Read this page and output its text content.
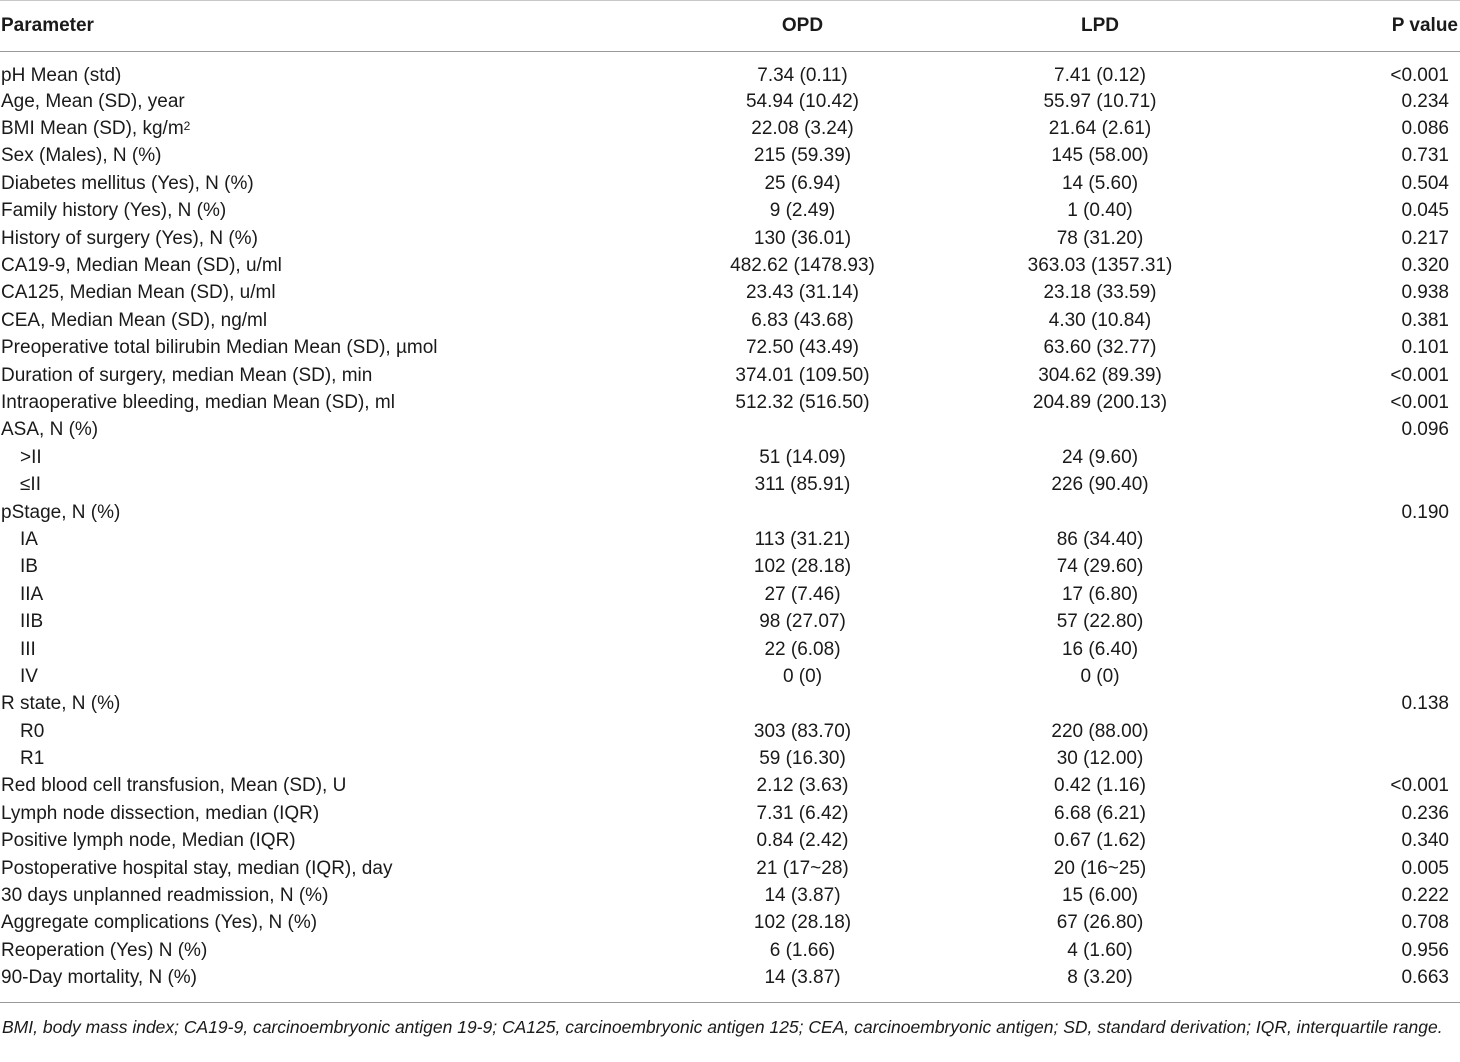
Parameter	OPD	LPD	P value
pH Mean (std)	7.34 (0.11)	7.41 (0.12)	<0.001
Age, Mean (SD), year	54.94 (10.42)	55.97 (10.71)	0.234
BMI Mean (SD), $kg/m^2$	22.08 (3.24)	21.64 (2.61)	0.086
Sex (Males), N (%)	215 (59.39)	145 (58.00)	0.731
Diabetes mellitus (Yes), N (%)	25 (6.94)	14 (5.60)	0.504
Family history (Yes), N (%)	9 (2.49)	1 (0.40)	0.045
History of surgery (Yes), N (%)	130 (36.01)	78 (31.20)	0.217
CA19-9, Median Mean (SD), u/ml	482.62 (1478.93)	363.03 (1357.31)	0.320
CA125, Median Mean (SD), u/ml	23.43 (31.14)	23.18 (33.59)	0.938
CEA, Median Mean (SD), ng/ml	6.83 (43.68)	4.30 (10.84)	0.381
Preoperative total bilirubin Median Mean (SD), µmol	72.50 (43.49)	63.60 (32.77)	0.101
Duration of surgery, median Mean (SD), min	374.01 (109.50)	304.62 (89.39)	<0.001
Intraoperative bleeding, median Mean (SD), ml	512.32 (516.50)	204.89 (200.13)	<0.001
ASA, N (%)			0.096
>II	51 (14.09)	24 (9.60)	
≤II	311 (85.91)	226 (90.40)	
pStage, N (%)			0.190
IA	113 (31.21)	86 (34.40)	
IB	102 (28.18)	74 (29.60)	
IIA	27 (7.46)	17 (6.80)	
IIB	98 (27.07)	57 (22.80)	
III	22 (6.08)	16 (6.40)	
IV	0 (0)	0 (0)	
R state, N (%)			0.138
R0	303 (83.70)	220 (88.00)	
R1	59 (16.30)	30 (12.00)	
Red blood cell transfusion, Mean (SD), U	2.12 (3.63)	0.42 (1.16)	<0.001
Lymph node dissection, median (IQR)	7.31 (6.42)	6.68 (6.21)	0.236
Positive lymph node, Median (IQR)	0.84 (2.42)	0.67 (1.62)	0.340
Postoperative hospital stay, median (IQR), day	21 (17~28)	20 (16~25)	0.005
30 days unplanned readmission, N (%)	14 (3.87)	15 (6.00)	0.222
Aggregate complications (Yes), N (%)	102 (28.18)	67 (26.80)	0.708
Reoperation (Yes) N (%)	6 (1.66)	4 (1.60)	0.956
90-Day mortality, N (%)	14 (3.87)	8 (3.20)	0.663
BMI, body mass index; CA19-9, carcinoembryonic antigen 19-9; CA125, carcinoembryonic antigen 125; CEA, carcinoembryonic antigen; SD, standard derivation; IQR, interquartile range.
